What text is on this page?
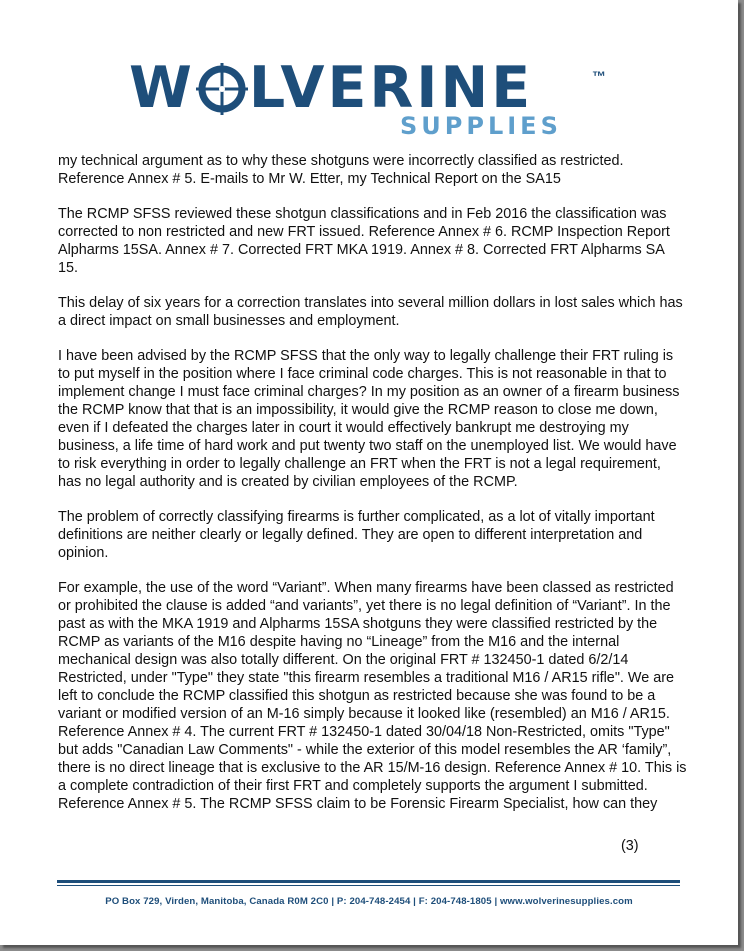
W LVERINE	™
SUPPLIES

my technical argument as to why these shotguns were incorrectly classified as restricted. Reference Annex # 5. E-mails to Mr W. Etter, my Technical Report on the SA15

The RCMP SFSS reviewed these shotgun classifications and in Feb 2016 the classification was corrected to non restricted and new FRT issued. Reference Annex # 6. RCMP Inspection Report Alpharms 15SA. Annex # 7. Corrected FRT MKA 1919. Annex # 8. Corrected FRT Alpharms SA 15.

This delay of six years for a correction translates into several million dollars in lost sales which has a direct impact on small businesses and employment.

I have been advised by the RCMP SFSS that the only way to legally challenge their FRT ruling is to put myself in the position where I face criminal code charges. This is not reasonable in that to implement change I must face criminal charges? In my position as an owner of a firearm business the RCMP know that that is an impossibility, it would give the RCMP reason to close me down, even if I defeated the charges later in court it would effectively bankrupt me destroying my business, a life time of hard work and put twenty two staff on the unemployed list. We would have to risk everything in order to legally challenge an FRT when the FRT is not a legal requirement, has no legal authority and is created by civilian employees of the RCMP.

The problem of correctly classifying firearms is further complicated, as a lot of vitally important definitions are neither clearly or legally defined. They are open to different interpretation and opinion.

For example, the use of the word “Variant”. When many firearms have been classed as restricted or prohibited the clause is added “and variants”, yet there is no legal definition of “Variant”. In the past as with the MKA 1919 and Alpharms 15SA shotguns they were classified restricted by the RCMP as variants of the M16 despite having no “Lineage” from the M16 and the internal mechanical design was also totally different. On the original FRT # 132450-1 dated 6/2/14 Restricted, under "Type" they state "this firearm resembles a traditional M16 / AR15 rifle". We are left to conclude the RCMP classified this shotgun as restricted because she was found to be a variant or modified version of an M-16 simply because it looked like (resembled) an M16 / AR15. Reference Annex # 4. The current FRT # 132450-1 dated 30/04/18 Non-Restricted, omits "Type" but adds "Canadian Law Comments" - while the exterior of this model resembles the AR ‘family”, there is no direct lineage that is exclusive to the AR 15/M-16 design. Reference Annex # 10. This is a complete contradiction of their first FRT and completely supports the argument I submitted. Reference Annex # 5. The RCMP SFSS claim to be Forensic Firearm Specialist, how can they

(3)
PO Box 729, Virden, Manitoba, Canada R0M 2C0 | P: 204-748-2454 | F: 204-748-1805 | www.wolverinesupplies.com
